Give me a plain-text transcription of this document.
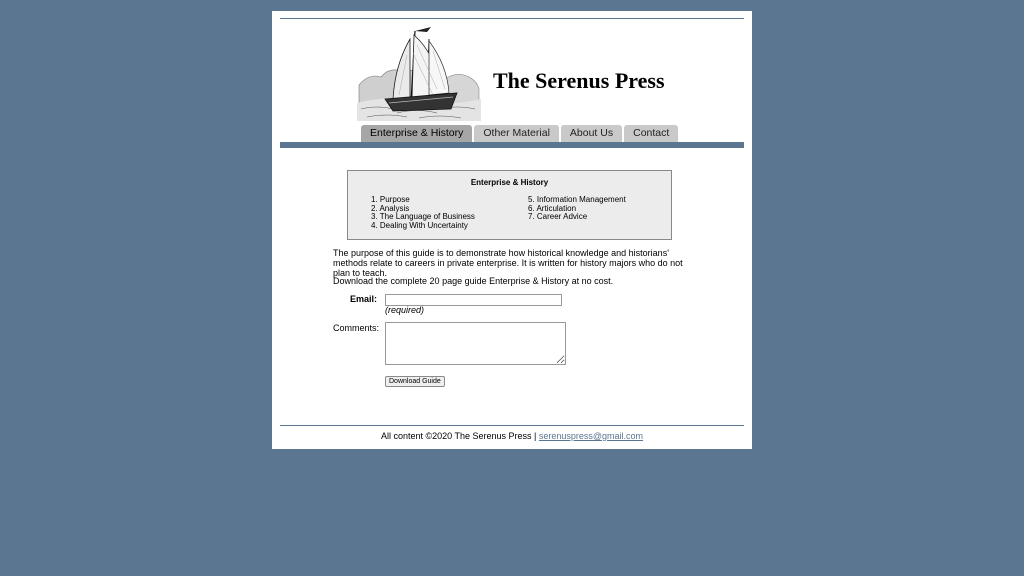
The Serenus Press
Enterprise & History	Other Material	About Us	Contact
Enterprise & History
1. Purpose
2. Analysis
3. The Language of Business
4. Dealing With Uncertainty
5. Information Management
6. Articulation
7. Career Advice

The purpose of this guide is to demonstrate how historical knowledge and historians' methods relate to careers in private enterprise. It is written for history majors who do not plan to teach.

Download the complete 20 page guide Enterprise & History at no cost.

Email:
(required)
Comments:
Download Guide
All content ©2020 The Serenus Press | serenuspress@gmail.com
